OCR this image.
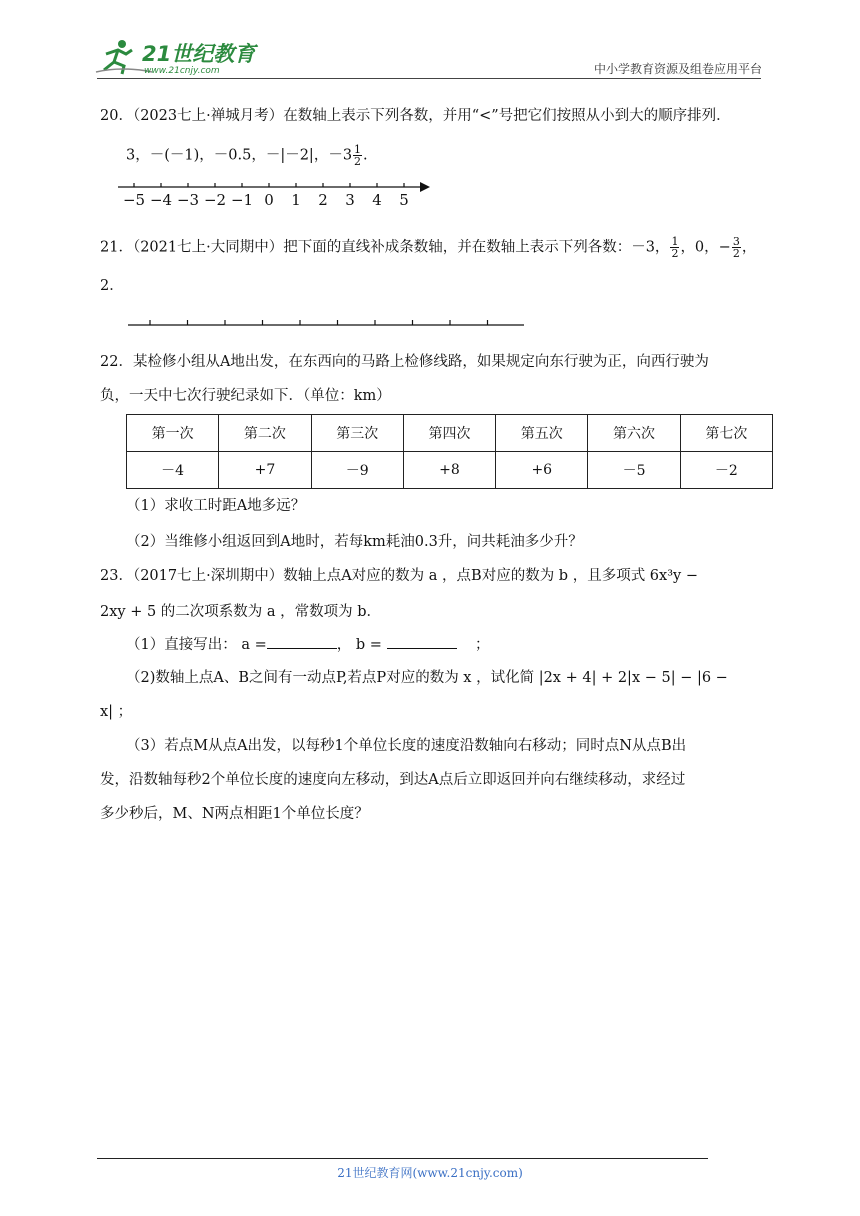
21世纪教育
www.21cnjy.com	中小学教育资源及组卷应用平台
20．（2023七上·禅城月考）在数轴上表示下列各数，并用“<”号把它们按照从小到大的顺序排列．
3，－(－1)，－0.5，－|－2|，$-3 \frac{1}{2}$ .
−5 −4 −3 −2 −1 0 1 2 3 4 5
21．（2021七上·大同期中）把下面的直线补成条数轴，并在数轴上表示下列各数：－3， $\frac{1}{2}$ ，0，− $\frac{3}{2}$ ，
2．
22．某检修小组从A地出发，在东西向的马路上检修线路，如果规定向东行驶为正，向西行驶为
负，一天中七次行驶纪录如下．（单位：km）
第一次	第二次	第三次	第四次	第五次	第六次	第七次
－4	+7	－9	+8	+6	－5	－2
（1）求收工时距A地多远？
（2）当维修小组返回到A地时，若每km耗油0.3升，问共耗油多少升？
23．（2017七上·深圳期中）数轴上点A对应的数为 a ，点B对应的数为 b ，且多项式 6x³y −
2xy + 5 的二次项系数为 a ，常数项为 b．
（1）直接写出： a =	， b =	；
（2)数轴上点A、B之间有一动点P,若点P对应的数为 x ，试化简 |2x + 4| + 2|x − 5| − |6 −
x| ；
（3）若点M从点A出发，以每秒1个单位长度的速度沿数轴向右移动；同时点N从点B出
发，沿数轴每秒2个单位长度的速度向左移动，到达A点后立即返回并向右继续移动，求经过
多少秒后，M、N两点相距1个单位长度？
21世纪教育网(www.21cnjy.com)
